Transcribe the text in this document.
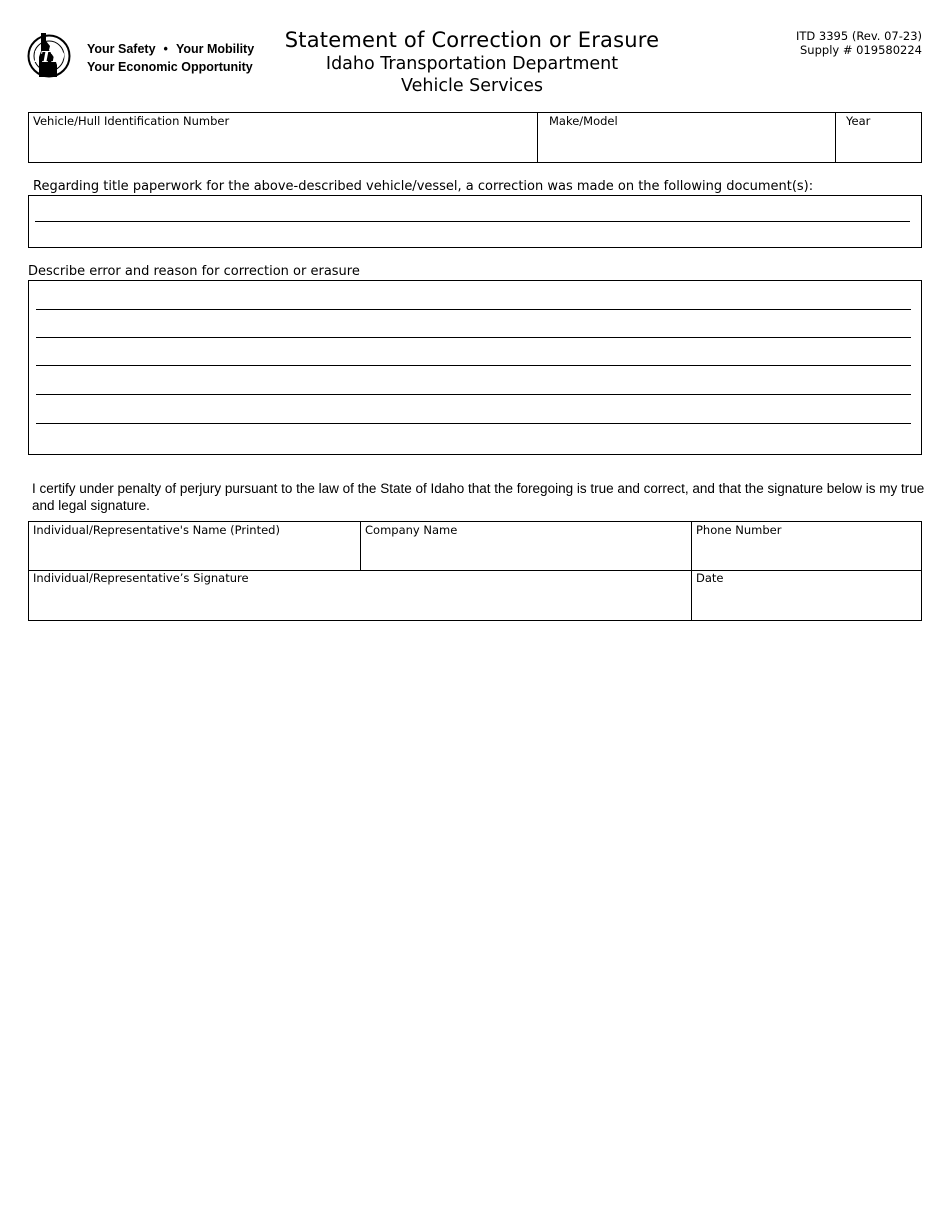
ITD Your Safety • Your Mobility
Your Economic Opportunity
Statement of Correction or Erasure
Idaho Transportation Department
Vehicle Services
ITD 3395 (Rev. 07-23)
Supply # 019580224
Vehicle/Hull Identification Number	Make/Model	Year
Regarding title paperwork for the above-described vehicle/vessel, a correction was made on the following document(s):
Describe error and reason for correction or erasure
I certify under penalty of perjury pursuant to the law of the State of Idaho that the foregoing is true and correct, and that the signature below is my true and legal signature.
Individual/Representative's Name (Printed)	Company Name	Phone Number
Individual/Representative’s Signature	Date
